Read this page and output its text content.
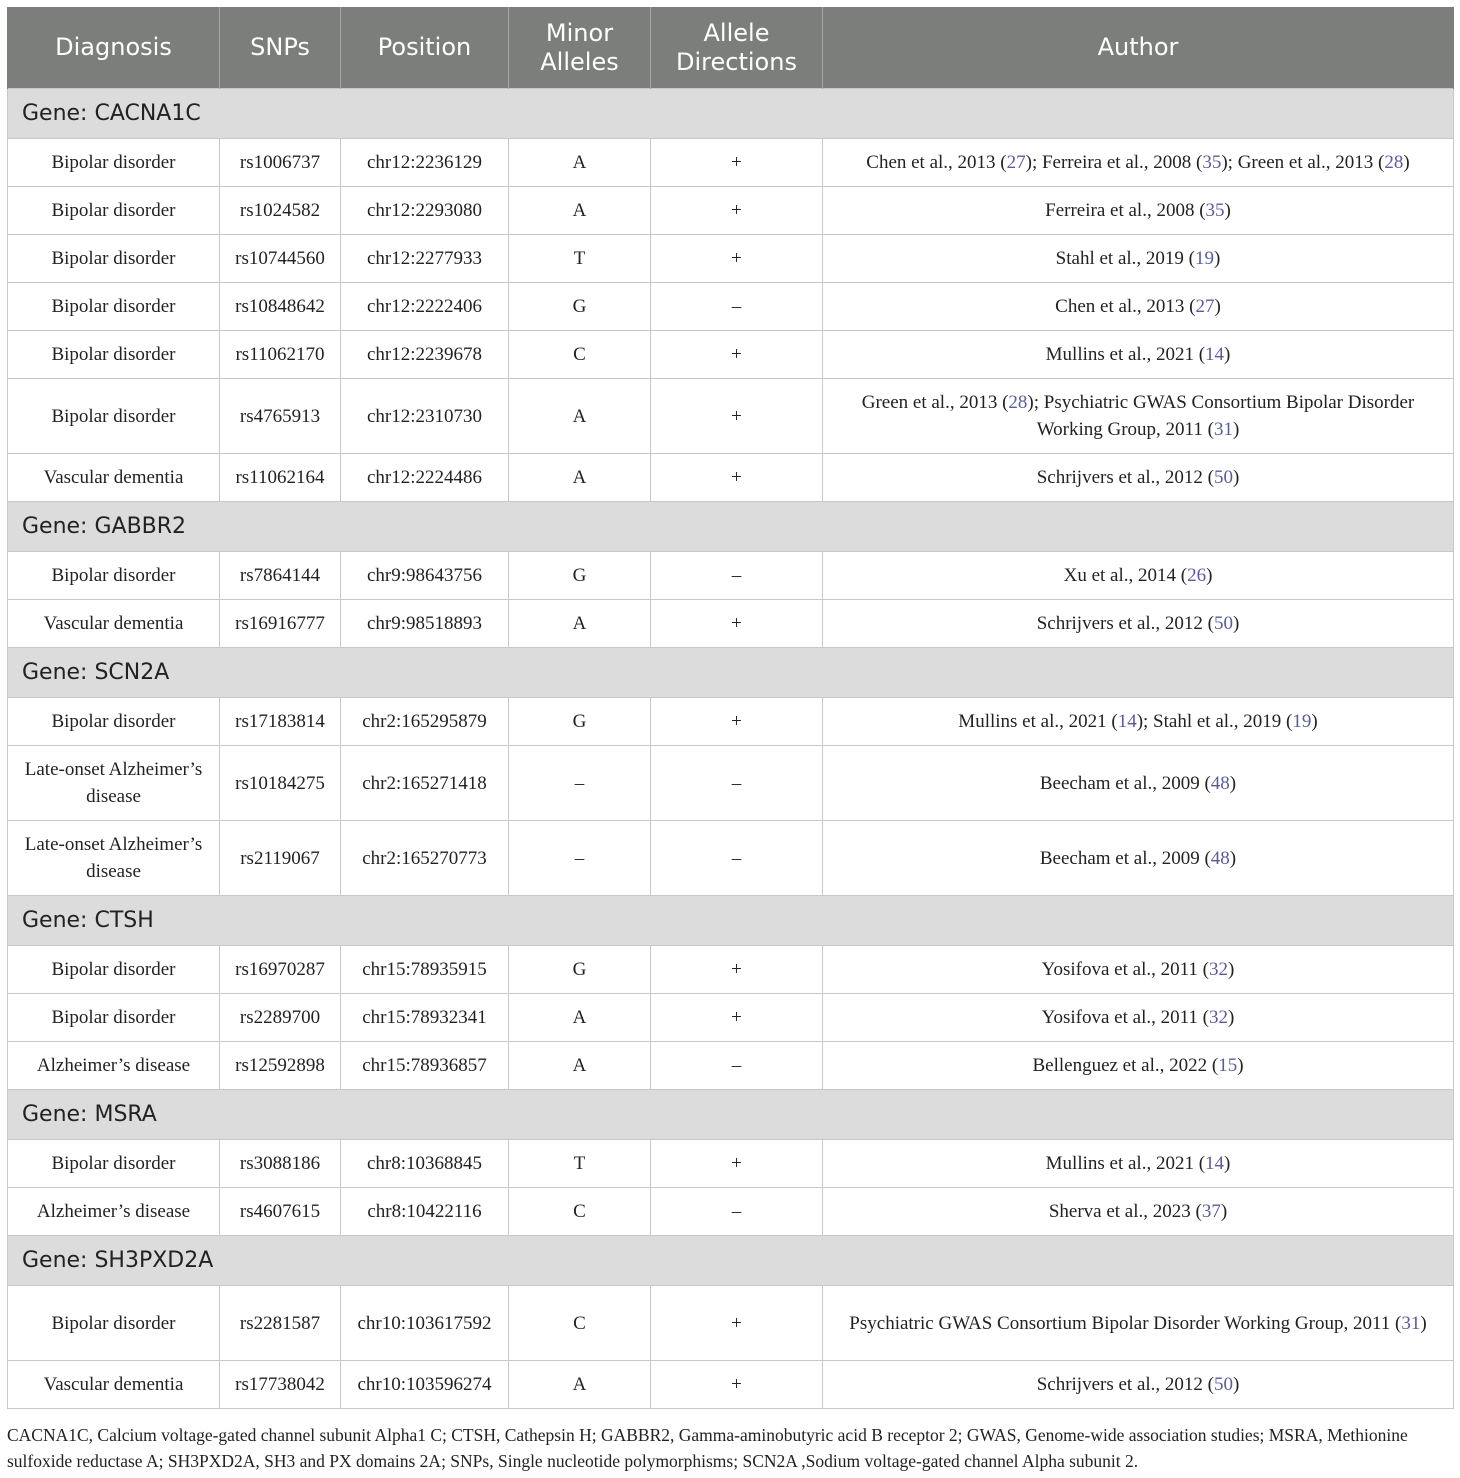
Diagnosis	SNPs	Position	Minor Alleles	Allele Directions	Author
Gene: CACNA1C					
Bipolar disorder	rs1006737	chr12:2236129	A	+	Chen et al., 2013 (27); Ferreira et al., 2008 (35); Green et al., 2013 (28)
Bipolar disorder	rs1024582	chr12:2293080	A	+	Ferreira et al., 2008 (35)
Bipolar disorder	rs10744560	chr12:2277933	T	+	Stahl et al., 2019 (19)
Bipolar disorder	rs10848642	chr12:2222406	G	–	Chen et al., 2013 (27)
Bipolar disorder	rs11062170	chr12:2239678	C	+	Mullins et al., 2021 (14)
Bipolar disorder	rs4765913	chr12:2310730	A	+	Green et al., 2013 (28); Psychiatric GWAS Consortium Bipolar Disorder Working Group, 2011 (31)
Vascular dementia	rs11062164	chr12:2224486	A	+	Schrijvers et al., 2012 (50)
Gene: GABBR2					
Bipolar disorder	rs7864144	chr9:98643756	G	–	Xu et al., 2014 (26)
Vascular dementia	rs16916777	chr9:98518893	A	+	Schrijvers et al., 2012 (50)
Gene: SCN2A					
Bipolar disorder	rs17183814	chr2:165295879	G	+	Mullins et al., 2021 (14); Stahl et al., 2019 (19)
Late-onset Alzheimer’s disease	rs10184275	chr2:165271418	–	–	Beecham et al., 2009 (48)
Late-onset Alzheimer’s disease	rs2119067	chr2:165270773	–	–	Beecham et al., 2009 (48)
Gene: CTSH					
Bipolar disorder	rs16970287	chr15:78935915	G	+	Yosifova et al., 2011 (32)
Bipolar disorder	rs2289700	chr15:78932341	A	+	Yosifova et al., 2011 (32)
Alzheimer’s disease	rs12592898	chr15:78936857	A	–	Bellenguez et al., 2022 (15)
Gene: MSRA					
Bipolar disorder	rs3088186	chr8:10368845	T	+	Mullins et al., 2021 (14)
Alzheimer’s disease	rs4607615	chr8:10422116	C	–	Sherva et al., 2023 (37)
Gene: SH3PXD2A					
Bipolar disorder	rs2281587	chr10:103617592	C	+	Psychiatric GWAS Consortium Bipolar Disorder Working Group, 2011 (31)
Vascular dementia	rs17738042	chr10:103596274	A	+	Schrijvers et al., 2012 (50)
CACNA1C, Calcium voltage-gated channel subunit Alpha1 C; CTSH, Cathepsin H; GABBR2, Gamma-aminobutyric acid B receptor 2; GWAS, Genome-wide association studies; MSRA, Methionine sulfoxide reductase A; SH3PXD2A, SH3 and PX domains 2A; SNPs, Single nucleotide polymorphisms; SCN2A ,Sodium voltage-gated channel Alpha subunit 2.
